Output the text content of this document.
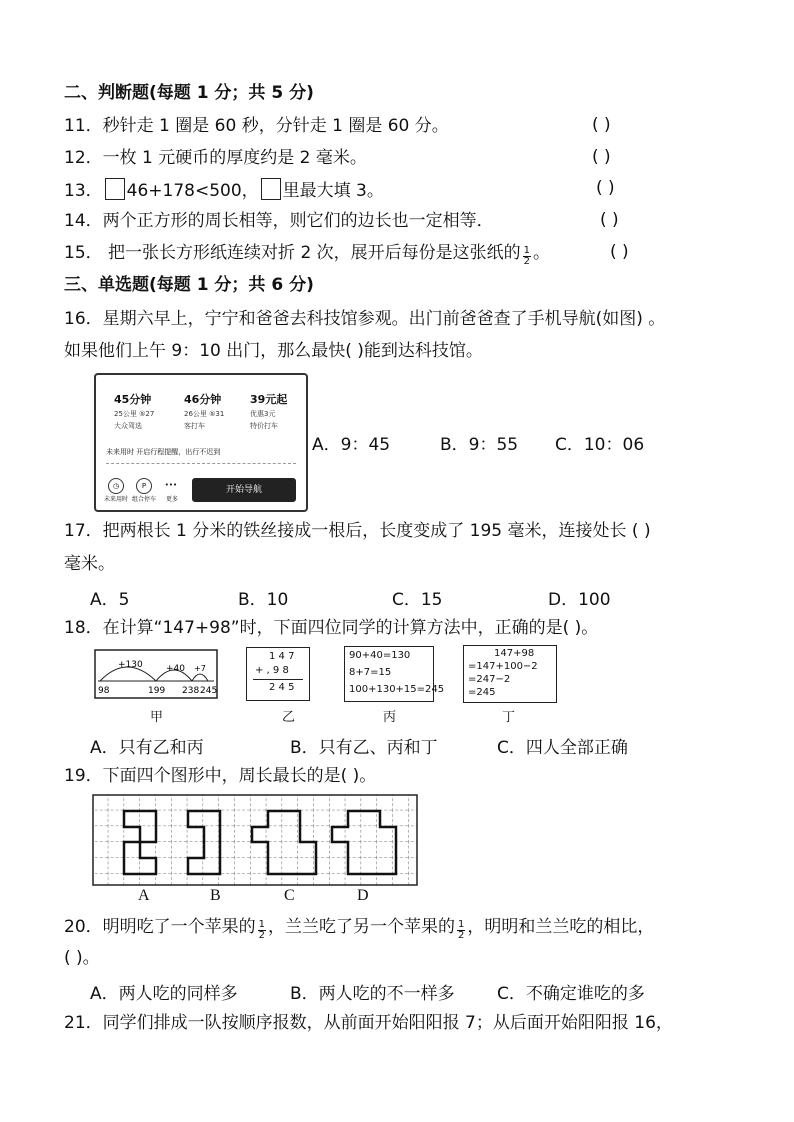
二、判断题(每题 1 分；共 5 分)
11．秒针走 1 圈是 60 秒，分针走 1 圈是 60 分。	( )
12．一枚 1 元硬币的厚度约是 2 毫米。	( )
13． 46+178<500， 里最大填 3。	( )
14．两个正方形的周长相等，则它们的边长也一定相等．	( )
15． 把一张长方形纸连续对折 2 次，展开后每份是这张纸的 $\frac{1}{2}$ 。	( )
三、单选题(每题 1 分；共 6 分)
16．星期六早上，宁宁和爸爸去科技馆参观。出门前爸爸查了手机导航(如图) 。
如果他们上午 9：10 出门，那么最快( )能到达科技馆。
45分钟
25公里 ⑤27
大众驾选
46分钟
26公里 ⑤31
客打车
39元起
优惠3元
特价打车
未来用时 开启行程提醒，出行不迟到
◷	P	•••
未来用时 组合停车 更多
开始导航
A．9：45	B．9：55 C．10：06
17．把两根长 1 分米的铁丝接成一根后，长度变成了 195 毫米，连接处长 ( )
毫米。
A．5	B．10	C．15	D．100
18．在计算“147+98”时，下面四位同学的计算方法中，正确的是( )。
+130	+40 +7
98	199 238 245
1 4 7
+ ‚ 9 8
2 4 5
90+40=130
8+7=15
100+130+15=245
147+98
=147+100−2
=247−2
=245
甲	乙	丙	丁
A．只有乙和丙	B．只有乙、丙和丁	C．四人全部正确
19．下面四个图形中，周长最长的是( )。
A	B	C	D
20．明明吃了一个苹果的 $\frac{1}{2}$ ，兰兰吃了另一个苹果的 $\frac{1}{2}$ ，明明和兰兰吃的相比，
( )。
A．两人吃的同样多	B．两人吃的不一样多 C．不确定谁吃的多
21．同学们排成一队按顺序报数，从前面开始阳阳报 7；从后面开始阳阳报 16，
